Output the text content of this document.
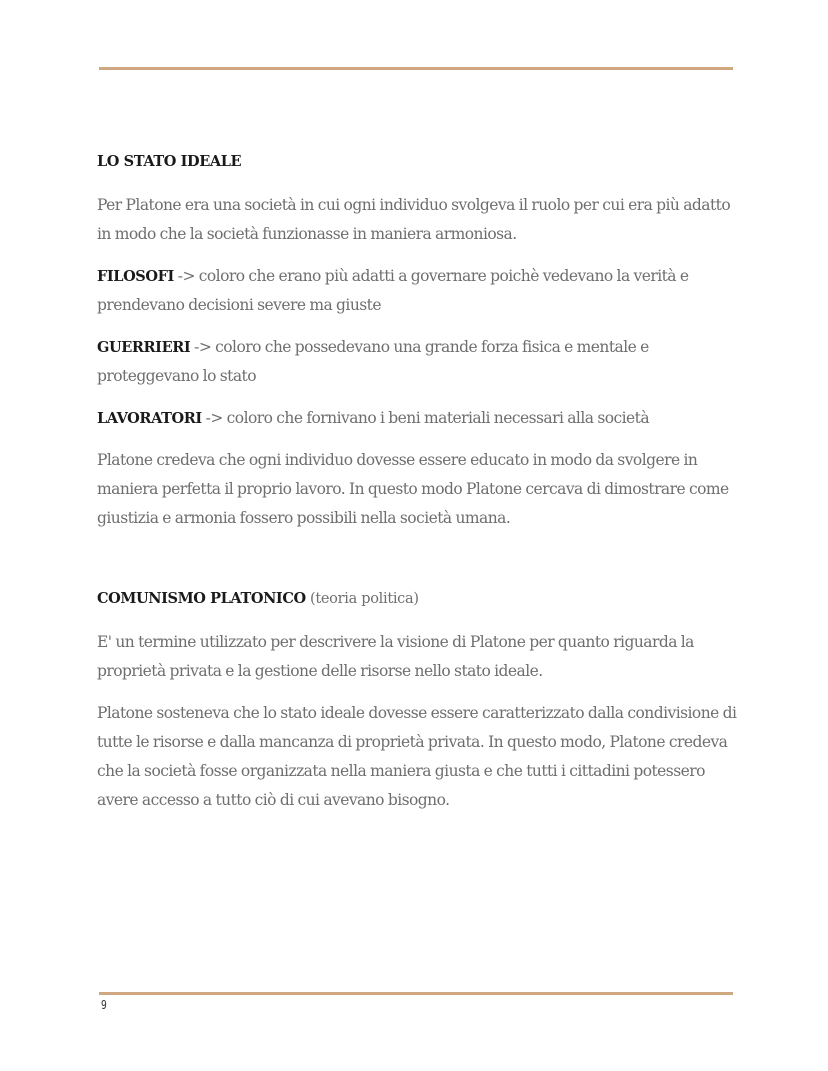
LO STATO IDEALE

Per Platone era una società in cui ogni individuo svolgeva il ruolo per cui era più adatto in modo che la società funzionasse in maniera armoniosa.

FILOSOFI -> coloro che erano più adatti a governare poichè vedevano la verità e prendevano decisioni severe ma giuste

GUERRIERI -> coloro che possedevano una grande forza fisica e mentale e proteggevano lo stato

LAVORATORI -> coloro che fornivano i beni materiali necessari alla società

Platone credeva che ogni individuo dovesse essere educato in modo da svolgere in maniera perfetta il proprio lavoro. In questo modo Platone cercava di dimostrare come giustizia e armonia fossero possibili nella società umana.

COMUNISMO PLATONICO (teoria politica)

E' un termine utilizzato per descrivere la visione di Platone per quanto riguarda la proprietà privata e la gestione delle risorse nello stato ideale.

Platone sosteneva che lo stato ideale dovesse essere caratterizzato dalla condivisione di tutte le risorse e dalla mancanza di proprietà privata. In questo modo, Platone credeva che la società fosse organizzata nella maniera giusta e che tutti i cittadini potessero avere accesso a tutto ciò di cui avevano bisogno.

9
